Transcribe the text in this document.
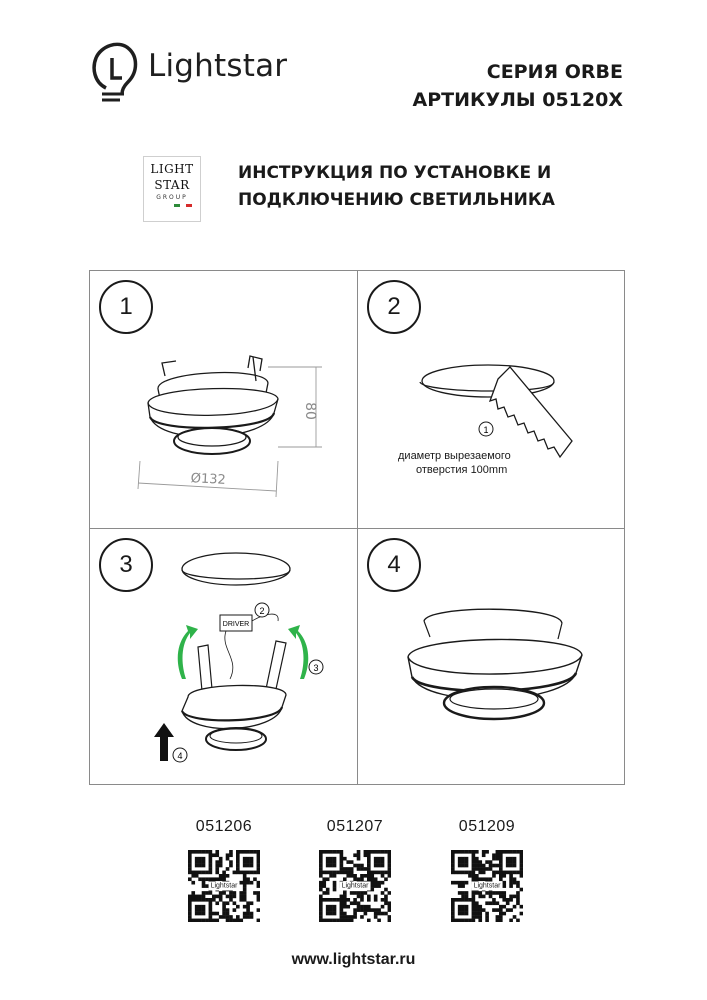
Lightstar	СЕРИЯ ORBE
АРТИКУЛЫ 05120X
LIGHT
STAR
GROUP
ИНСТРУКЦИЯ ПО УСТАНОВКЕ И
ПОДКЛЮЧЕНИЮ СВЕТИЛЬНИКА
1
80
Ø132
2
1
диаметр вырезаемого
отверстия 100mm
3
DRIVER
2
3
4
4
051206
Lightstar
051207
Lightstar
051209
Lightstar
www.lightstar.ru
